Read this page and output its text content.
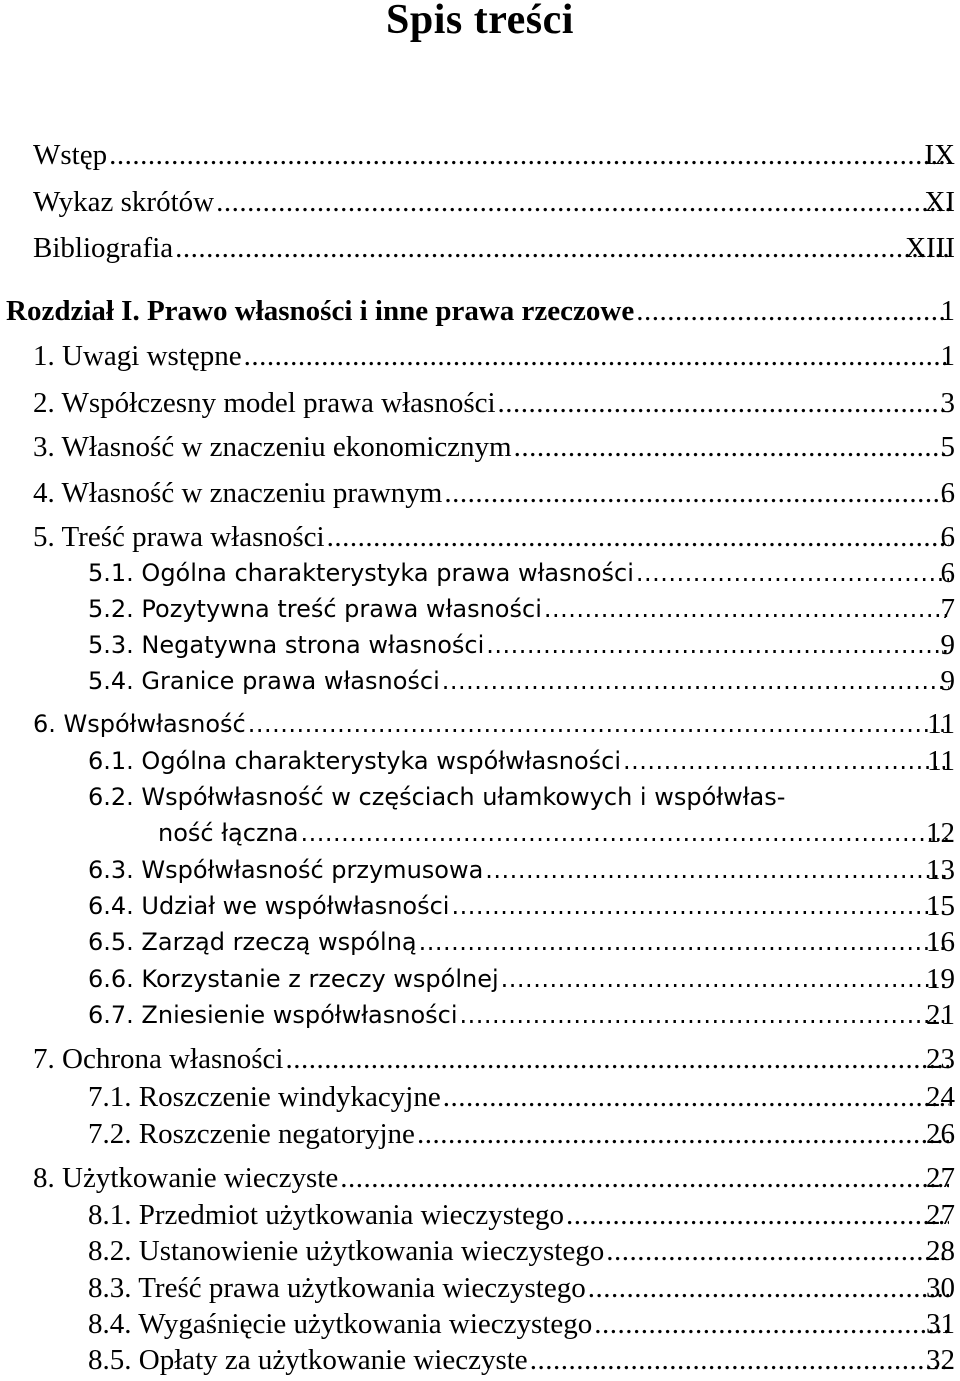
Spis treści
Wstęp .....	IX
Wykaz skrótów .....	XI
Bibliografia .....	XIII
Rozdział I. Prawo własności i inne prawa rzeczowe .....	1
1. Uwagi wstępne .....	1
2. Współczesny model prawa własności .....	3
3. Własność w znaczeniu ekonomicznym .....	5
4. Własność w znaczeniu prawnym .....	6
5. Treść prawa własności .....	6
5.1. Ogólna charakterystyka prawa własności .....	6
5.2. Pozytywna treść prawa własności .....	7
5.3. Negatywna strona własności .....	9
5.4. Granice prawa własności .....	9
6. Współwłasność .....	11
6.1. Ogólna charakterystyka współwłasności .....	11
6.2. Współwłasność w częściach ułamkowych i współwłas-
ność łączna .....	12
6.3. Współwłasność przymusowa .....	13
6.4. Udział we współwłasności .....	15
6.5. Zarząd rzeczą wspólną .....	16
6.6. Korzystanie z rzeczy wspólnej .....	19
6.7. Zniesienie współwłasności .....	21
7. Ochrona własności .....	23
7.1. Roszczenie windykacyjne .....	24
7.2. Roszczenie negatoryjne .....	26
8. Użytkowanie wieczyste .....	27
8.1. Przedmiot użytkowania wieczystego .....	27
8.2. Ustanowienie użytkowania wieczystego .....	28
8.3. Treść prawa użytkowania wieczystego .....	30
8.4. Wygaśnięcie użytkowania wieczystego .....	31
8.5. Opłaty za użytkowanie wieczyste .....	32
